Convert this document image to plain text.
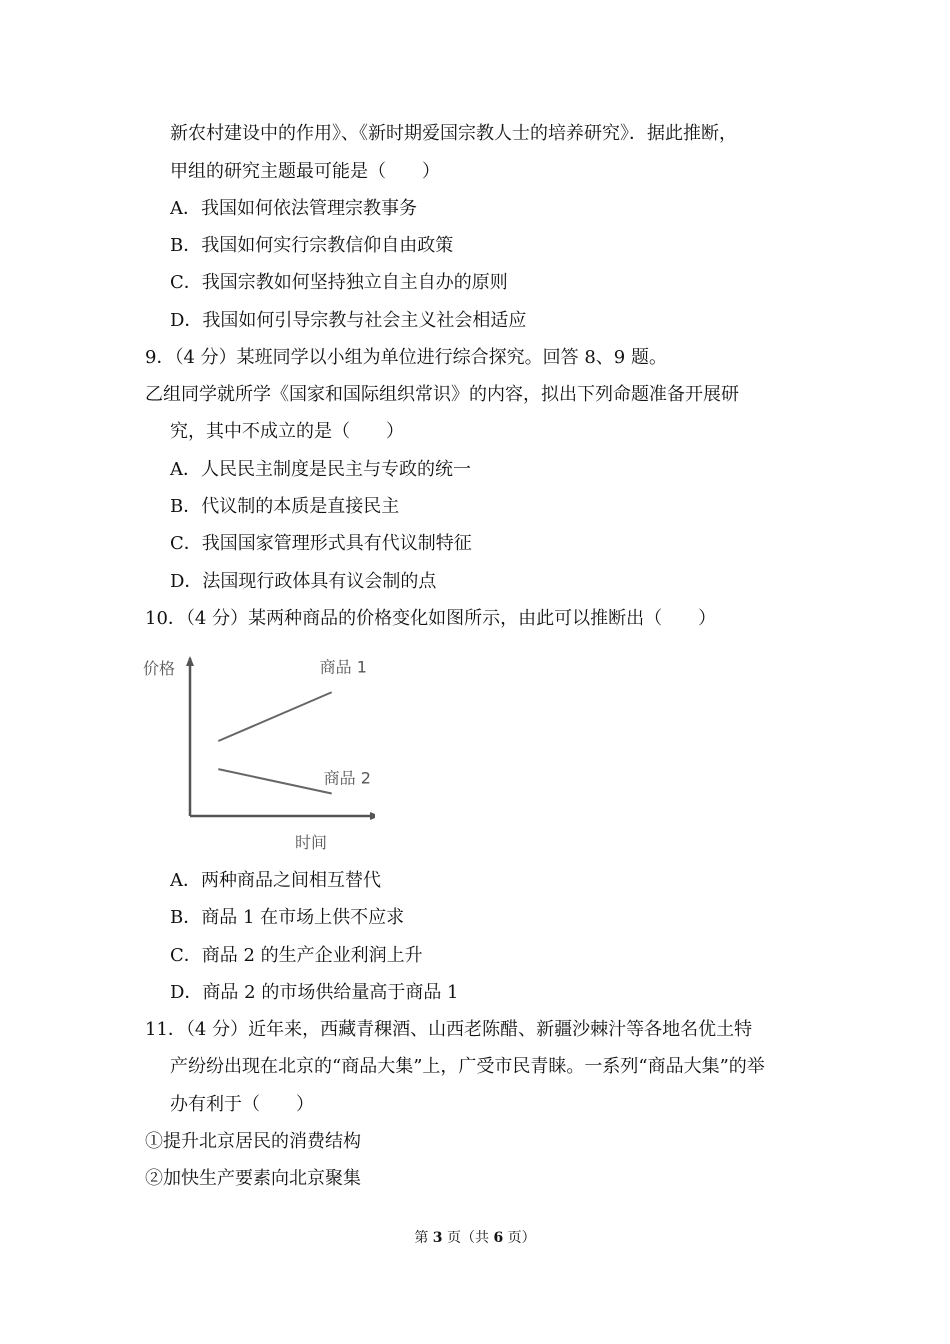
新农村建设中的作用》、《新时期爱国宗教人士的培养研究》．据此推断，
甲组的研究主题最可能是（　　）
A．我国如何依法管理宗教事务
B．我国如何实行宗教信仰自由政策
C．我国宗教如何坚持独立自主自办的原则
D．我国如何引导宗教与社会主义社会相适应
9．（4 分）某班同学以小组为单位进行综合探究。回答 8、9 题。
乙组同学就所学《国家和国际组织常识》的内容，拟出下列命题准备开展研
究，其中不成立的是（　　）
A．人民民主制度是民主与专政的统一
B．代议制的本质是直接民主
C．我国国家管理形式具有代议制特征
D．法国现行政体具有议会制的点
10．（4 分）某两种商品的价格变化如图所示，由此可以推断出（　　）
价格
时间
商品 1
商品 2
A．两种商品之间相互替代
B．商品 1 在市场上供不应求
C．商品 2 的生产企业利润上升
D．商品 2 的市场供给量高于商品 1
11．（4 分）近年来，西藏青稞酒、山西老陈醋、新疆沙棘汁等各地名优土特
产纷纷出现在北京的“商品大集”上，广受市民青睐。一系列“商品大集”的举
办有利于（　　）
①提升北京居民的消费结构
②加快生产要素向北京聚集
第 3 页（共 6 页）
